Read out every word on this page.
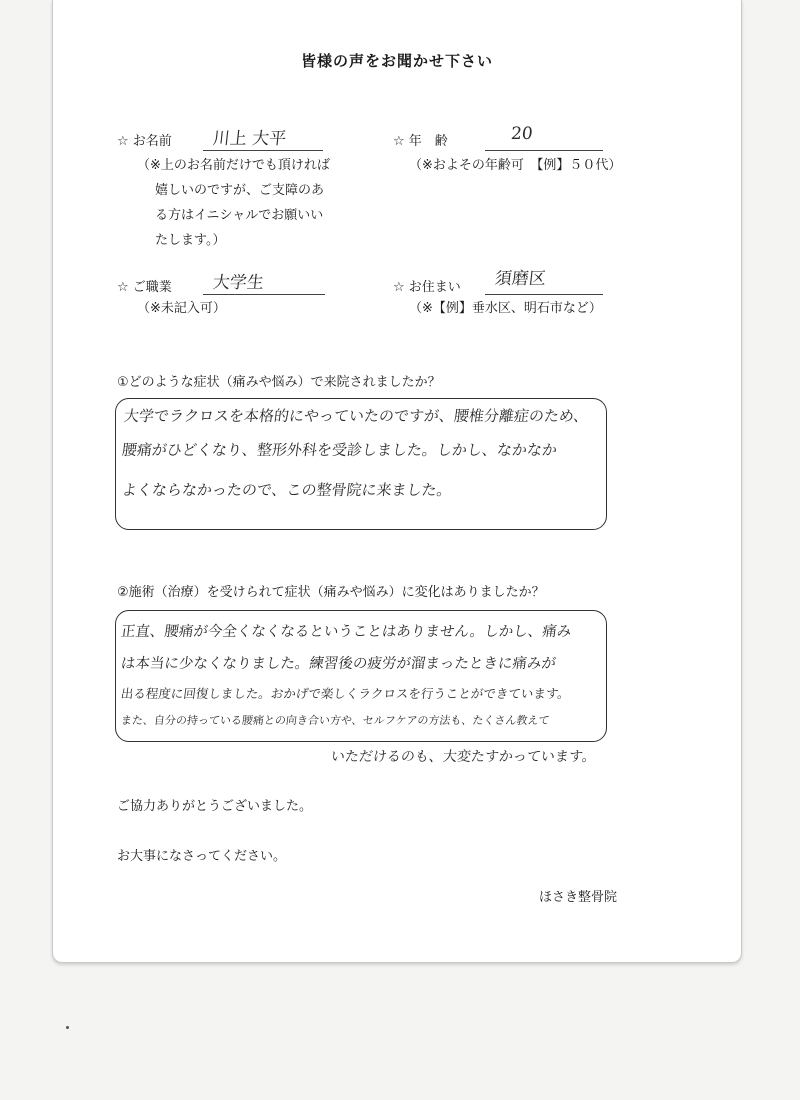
皆様の声をお聞かせ下さい
☆ お名前 川上 大平
（※上のお名前だけでも頂ければ
嬉しいのですが、ご支障のあ
る方はイニシャルでお願いい
たします。）
☆ 年　齢	20
（※およその年齢可　【例】５０代）
☆ ご職業 大学生
（※未記入可）
☆ お住まい 須磨区
（※【例】垂水区、明石市など）
①どのような症状（痛みや悩み）で来院されましたか？
大学でラクロスを本格的にやっていたのですが、腰椎分離症のため、
腰痛がひどくなり、整形外科を受診しました。しかし、なかなか
よくならなかったので、この整骨院に来ました。
②施術（治療）を受けられて症状（痛みや悩み）に変化はありましたか？
正直、腰痛が今全くなくなるということはありません。しかし、痛み
は本当に少なくなりました。練習後の疲労が溜まったときに痛みが
出る程度に回復しました。おかげで楽しくラクロスを行うことができています。
また、自分の持っている腰痛との向き合い方や、セルフケアの方法も、たくさん教えて
いただけるのも、大変たすかっています。
ご協力ありがとうございました。
お大事になさってください。
ほさき整骨院
